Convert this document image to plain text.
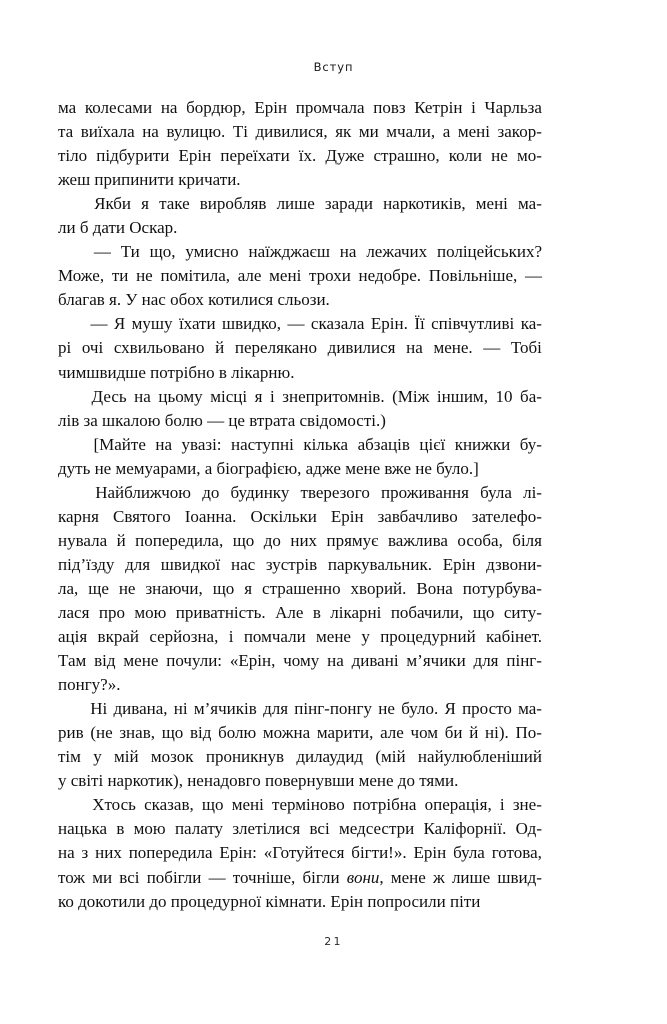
Вступ

ма колесами на бордюр, Ерін промчала повз Кетрін і Чарльза
та виїхала на вулицю. Ті дивилися, як ми мчали, а мені закор-
тіло підбурити Ерін переїхати їх. Дуже страшно, коли не мо-
жеш припинити кричати.

Якби я таке виробляв лише заради наркотиків, мені ма-
ли б дати Оскар.

— Ти що, умисно наїжджаєш на лежачих поліцейських?
Може, ти не помітила, але мені трохи недобре. Повільніше, —
благав я. У нас обох котилися сльози.

— Я мушу їхати швидко, — сказала Ерін. Її співчутливі ка-
рі очі схвильовано й перелякано дивилися на мене. — Тобі
чимшвидше потрібно в лікарню.

Десь на цьому місці я і знепритомнів. (Між іншим, 10 ба-
лів за шкалою болю — це втрата свідомості.)

[Майте на увазі: наступні кілька абзаців цієї книжки бу-
дуть не мемуарами, а біографією, адже мене вже не було.]

Найближчою до будинку тверезого проживання була лі-
карня Святого Іоанна. Оскільки Ерін завбачливо зателефо-
нувала й попередила, що до них прямує важлива особа, біля
під’їзду для швидкої нас зустрів паркувальник. Ерін дзвони-
ла, ще не знаючи, що я страшенно хворий. Вона потурбува-
лася про мою приватність. Але в лікарні побачили, що ситу-
ація вкрай серйозна, і помчали мене у процедурний кабінет.
Там від мене почули: «Ерін, чому на дивані м’ячики для пінг-
понгу?».

Ні дивана, ні м’ячиків для пінг-понгу не було. Я просто ма-
рив (не знав, що від болю можна марити, але чом би й ні). По-
тім у мій мозок проникнув дилаудид (мій найулюбленіший
у світі наркотик), ненадовго повернувши мене до тями.

Хтось сказав, що мені терміново потрібна операція, і зне-
нацька в мою палату злетілися всі медсестри Каліфорнії. Од-
на з них попередила Ерін: «Готуйтеся бігти!». Ерін була готова,
тож ми всі побігли — точніше, бігли вони, мене ж лише швид-
ко докотили до процедурної кімнати. Ерін попросили піти

21
